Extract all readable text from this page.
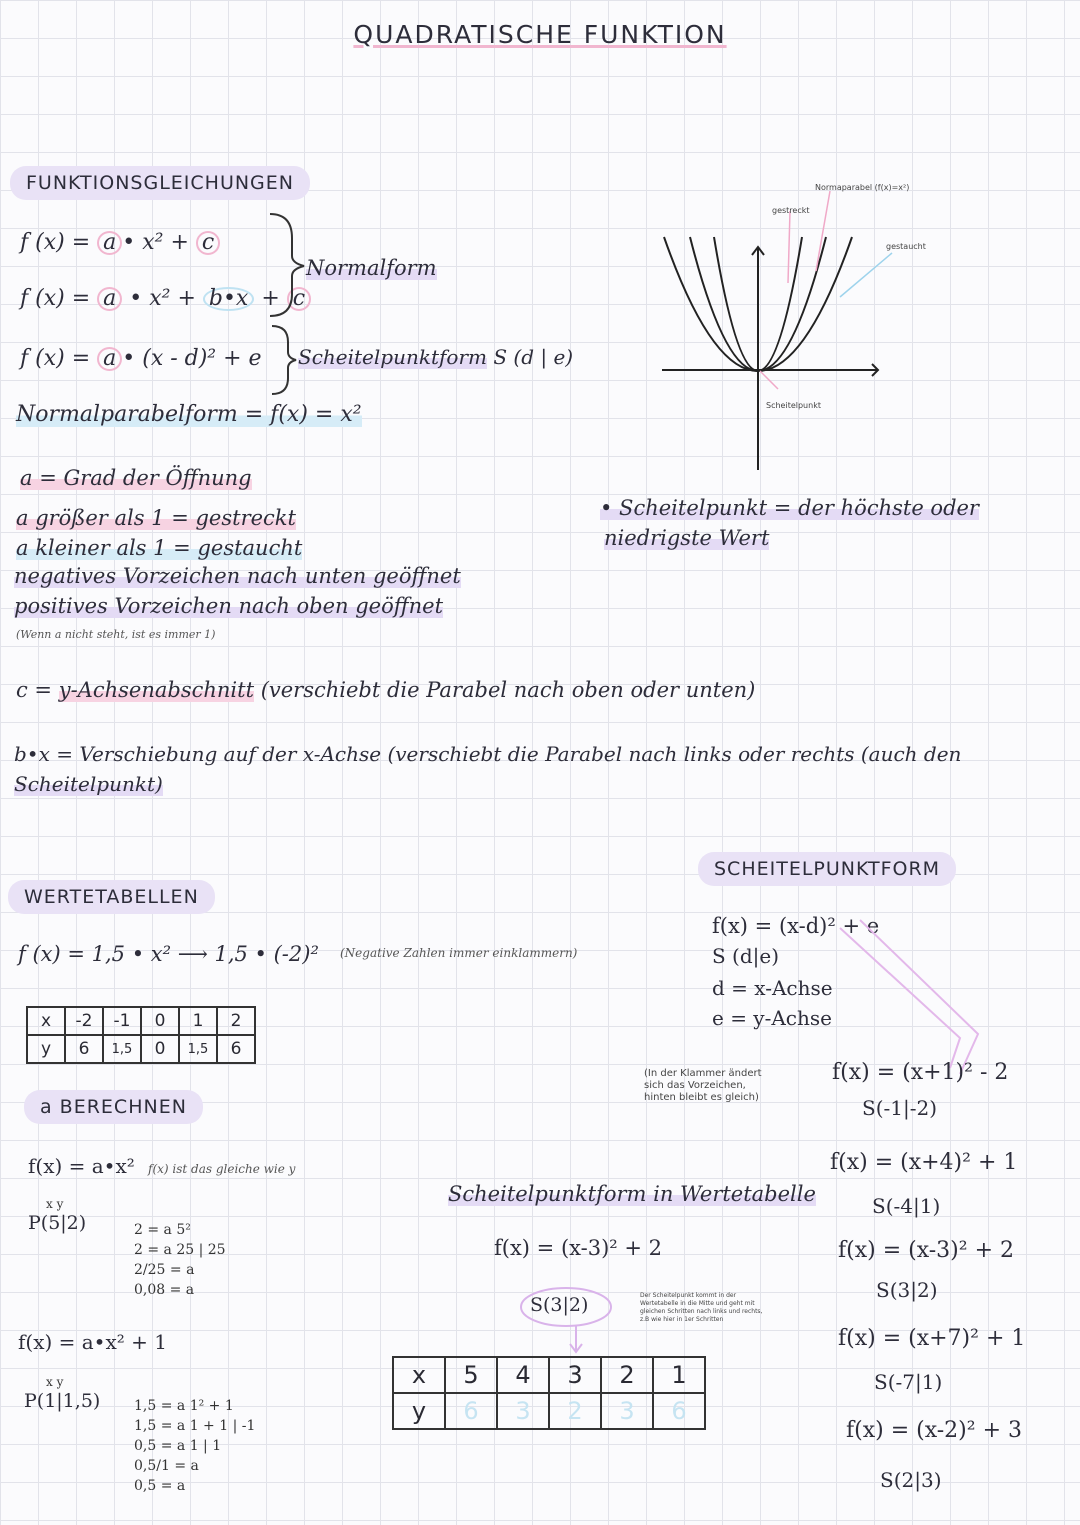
QUADRATISCHE FUNKTION
FUNKTIONSGLEICHUNGEN
f (x) = a • x² + c
f (x) = a • x² + b•x + c
Normalform
f (x) = a • (x - d)² + e Scheitelpunktform S (d | e)
Normalparabelform = f(x) = x²
a = Grad der Öffnung
a größer als 1 = gestreckt
a kleiner als 1 = gestaucht
negatives Vorzeichen nach unten geöffnet
positives Vorzeichen nach oben geöffnet
(Wenn a nicht steht, ist es immer 1)
c = y-Achsenabschnitt (verschiebt die Parabel nach oben oder unten)
b•x = Verschiebung auf der x-Achse (verschiebt die Parabel nach links oder rechts (auch den
Scheitelpunkt)
Normaparabel (f(x)=x²)
gestreckt
gestaucht
Scheitelpunkt
• Scheitelpunkt = der höchste oder
niedrigste Wert
WERTETABELLEN
f (x) = 1,5 • x² ⟶ 1,5 • (-2)² (Negative Zahlen immer einklammern)
x	-2	-1	0	1	2
y	6	1,5	0	1,5	6
a BERECHNEN
f(x) = a•x² f(x) ist das gleiche wie y
x y
P(5|2)	2 = a 5²
2 = a 25 | 25
2/25 = a
0,08 = a
f(x) = a•x² + 1
x y
P(1|1,5) 1,5 = a 1² + 1
1,5 = a 1 + 1 | -1
0,5 = a 1 | 1
0,5/1 = a
0,5 = a
SCHEITELPUNKTFORM
f(x) = (x-d)² + e
S (d|e)
d = x-Achse
e = y-Achse
(In der Klammer ändert sich das Vorzeichen, hinten bleibt es gleich)
f(x) = (x+1)² - 2
S(-1|-2)
f(x) = (x+4)² + 1
S(-4|1)
f(x) = (x-3)² + 2
S(3|2)
f(x) = (x+7)² + 1
S(-7|1)
f(x) = (x-2)² + 3
S(2|3)
Scheitelpunktform in Wertetabelle
f(x) = (x-3)² + 2
S(3|2)	Der Scheitelpunkt kommt in der Wertetabelle in die Mitte und geht mit gleichen Schritten nach links und rechts, z.B wie hier in 1er Schritten
x	5	4	3	2	1
y	6	3	2	3	6
